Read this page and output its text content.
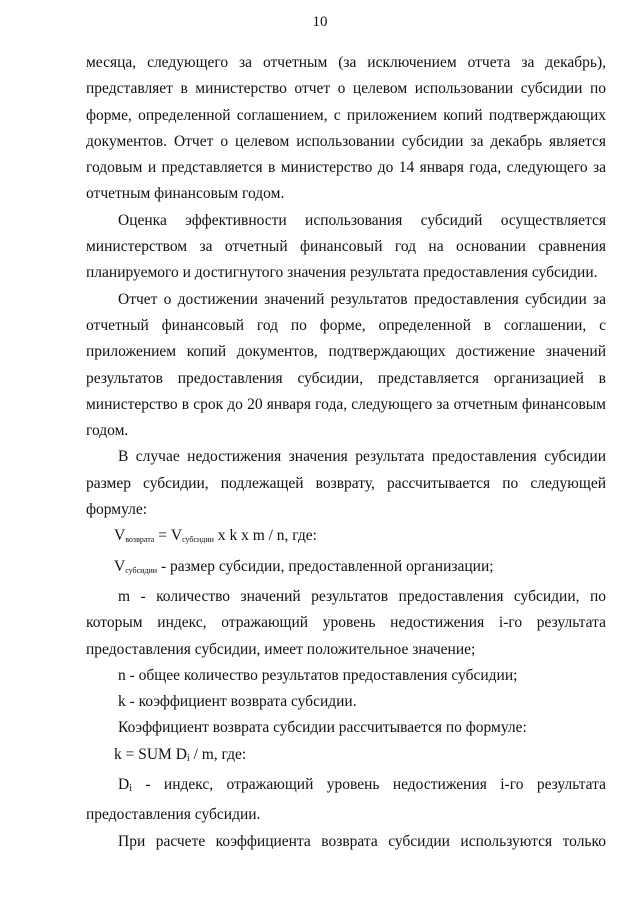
10

месяца, следующего за отчетным (за исключением отчета за декабрь), представляет в министерство отчет о целевом использовании субсидии по форме, определенной соглашением, с приложением копий подтверждающих документов. Отчет о целевом использовании субсидии за декабрь является годовым и представляется в министерство до 14 января года, следующего за отчетным финансовым годом.

Оценка эффективности использования субсидий осуществляется министерством за отчетный финансовый год на основании сравнения планируемого и достигнутого значения результата предоставления субсидии.

Отчет о достижении значений результатов предоставления субсидии за отчетный финансовый год по форме, определенной в соглашении, с приложением копий документов, подтверждающих достижение значений результатов предоставления субсидии, представляется организацией в министерство в срок до 20 января года, следующего за отчетным финансовым годом.

В случае недостижения значения результата предоставления субсидии размер субсидии, подлежащей возврату, рассчитывается по следующей формуле:

Vвозврата = Vсубсидии x k x m / n, где:

Vсубсидии - размер субсидии, предоставленной организации;

m - количество значений результатов предоставления субсидии, по которым индекс, отражающий уровень недостижения i-го результата предоставления субсидии, имеет положительное значение;

n - общее количество результатов предоставления субсидии;

k - коэффициент возврата субсидии.

Коэффициент возврата субсидии рассчитывается по формуле:

k = SUM Di / m, где:

Di - индекс, отражающий уровень недостижения i-го результата предоставления субсидии.

При расчете коэффициента возврата субсидии используются только
